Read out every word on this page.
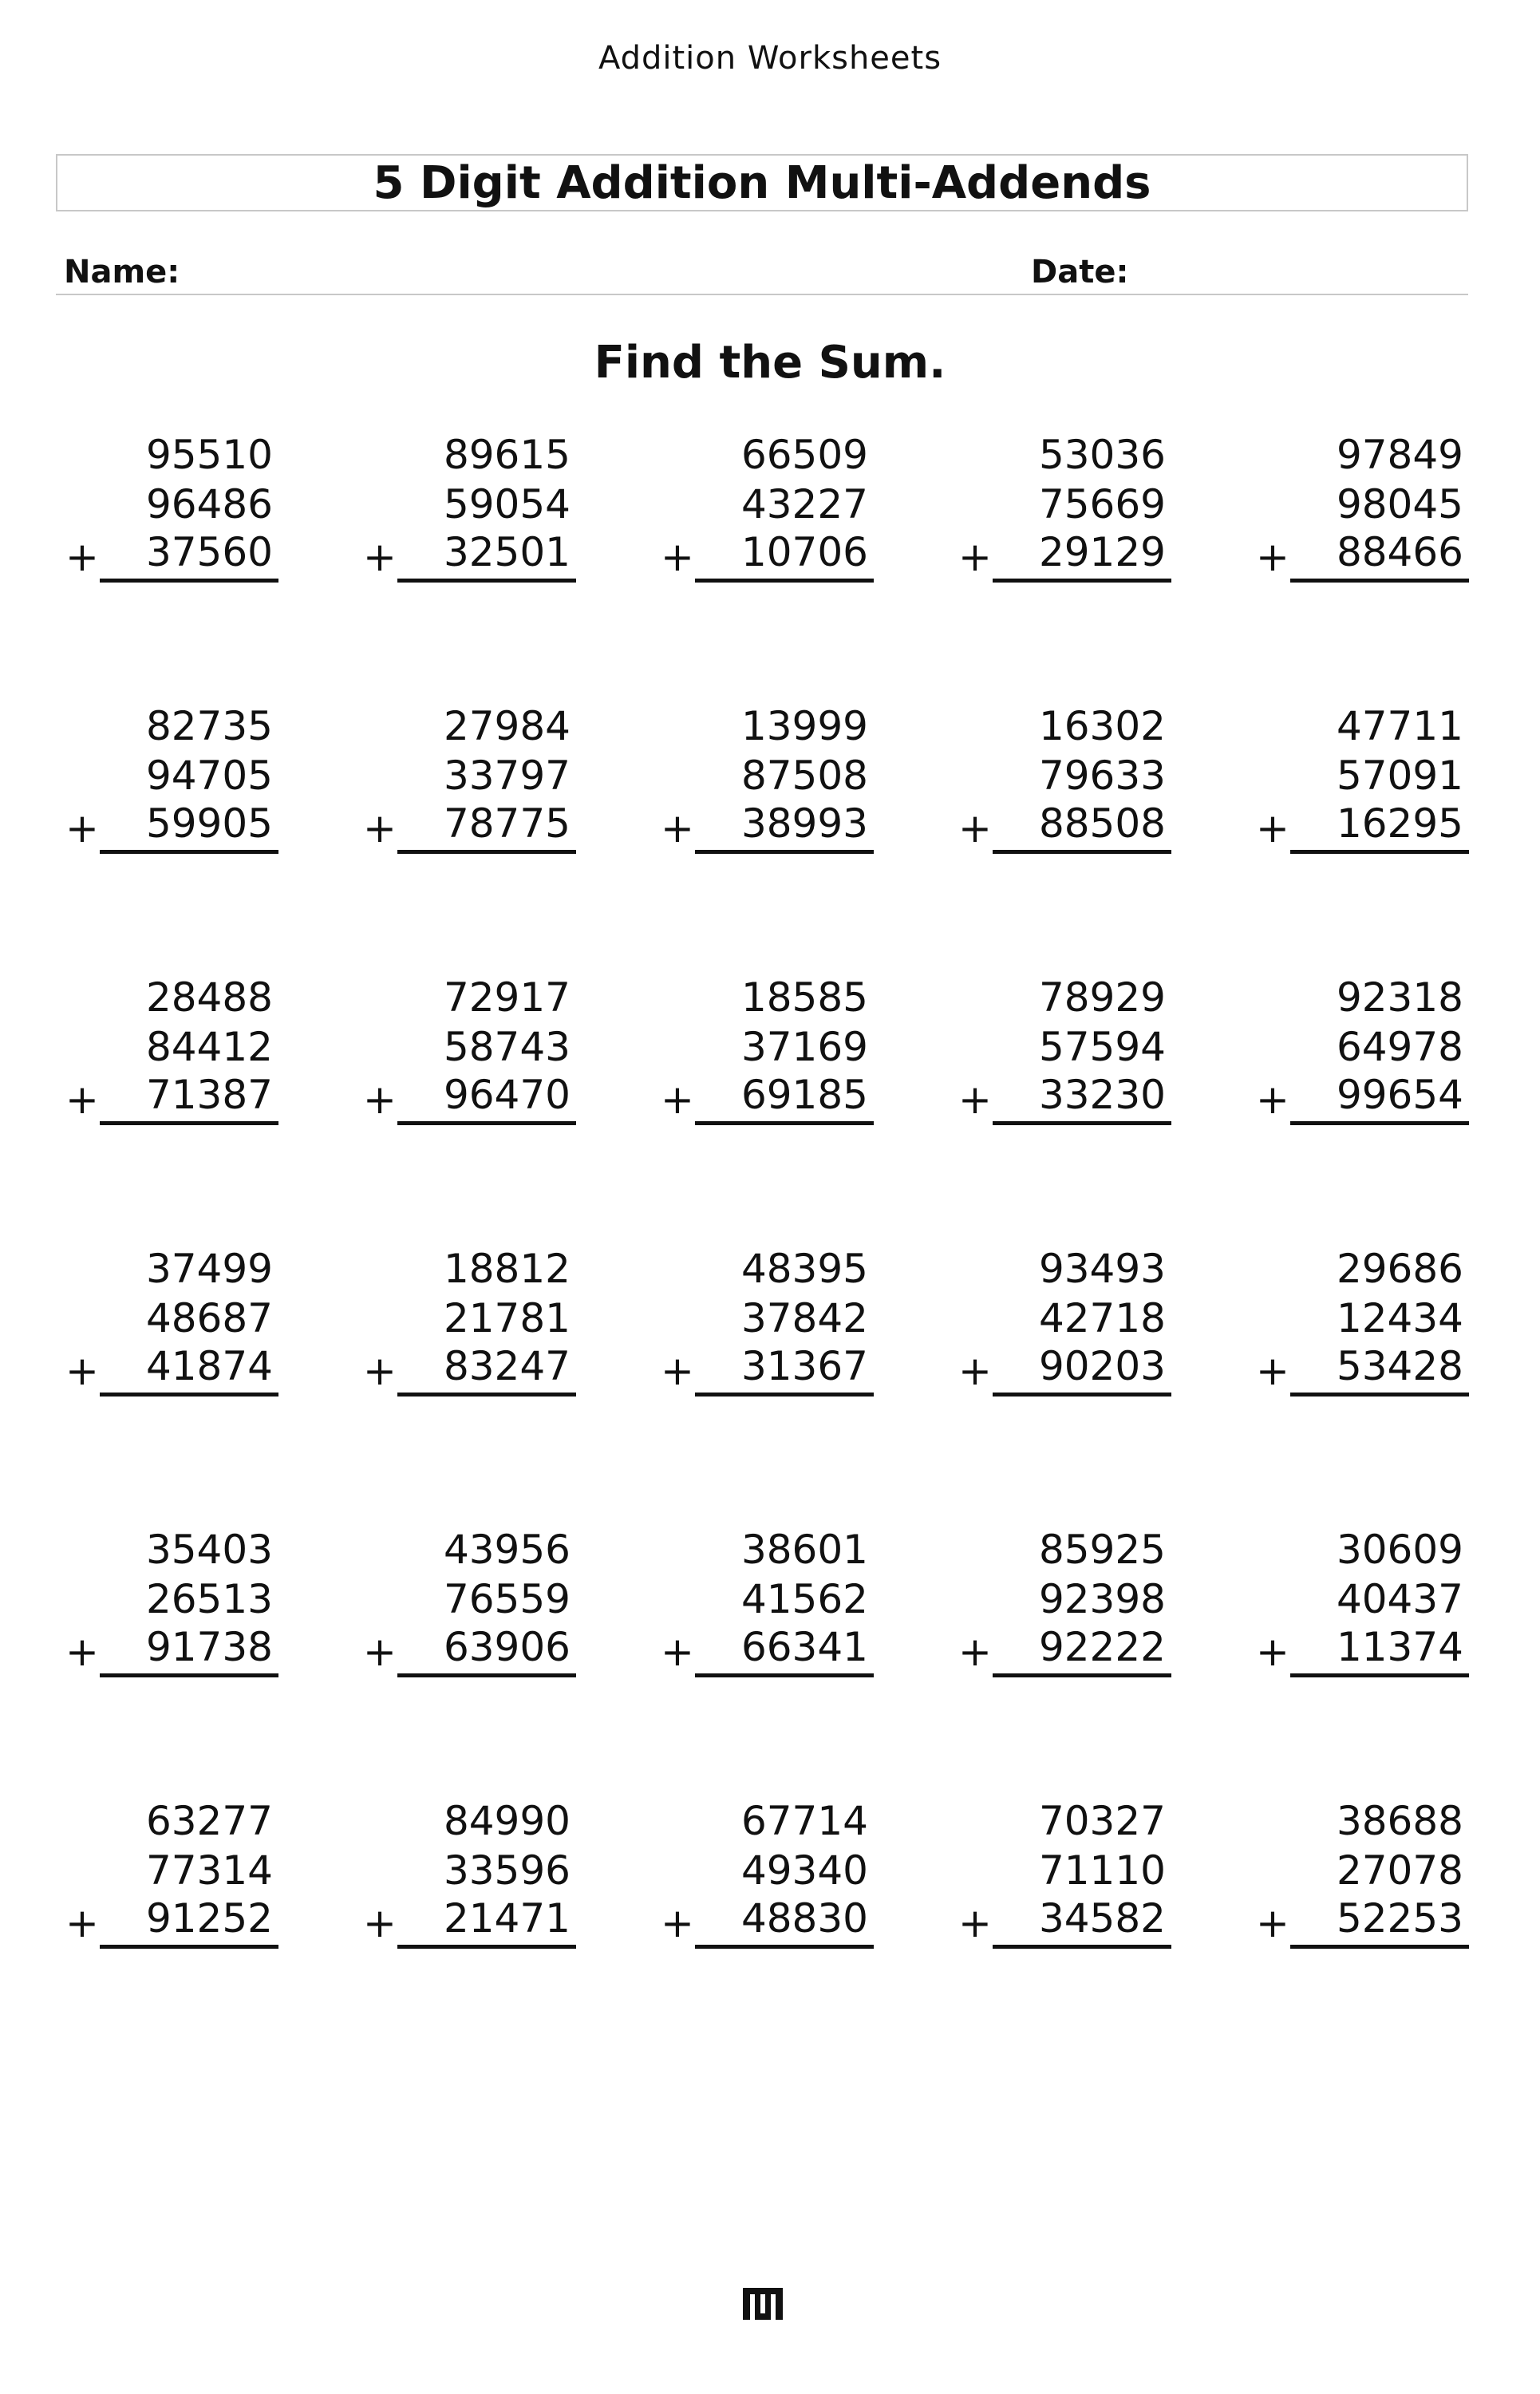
Addition Worksheets
5 Digit Addition Multi-Addends
Name:	Date:
Find the Sum.
95510
96486
37560
+
89615
59054
32501
+
66509
43227
10706
+
53036
75669
29129
+
97849
98045
88466
+
82735
94705
59905
+
27984
33797
78775
+
13999
87508
38993
+
16302
79633
88508
+
47711
57091
16295
+
28488
84412
71387
+
72917
58743
96470
+
18585
37169
69185
+
78929
57594
33230
+
92318
64978
99654
+
37499
48687
41874
+
18812
21781
83247
+
48395
37842
31367
+
93493
42718
90203
+
29686
12434
53428
+
35403
26513
91738
+
43956
76559
63906
+
38601
41562
66341
+
85925
92398
92222
+
30609
40437
11374
+
63277
77314
91252
+
84990
33596
21471
+
67714
49340
48830
+
70327
71110
34582
+
38688
27078
52253
+
